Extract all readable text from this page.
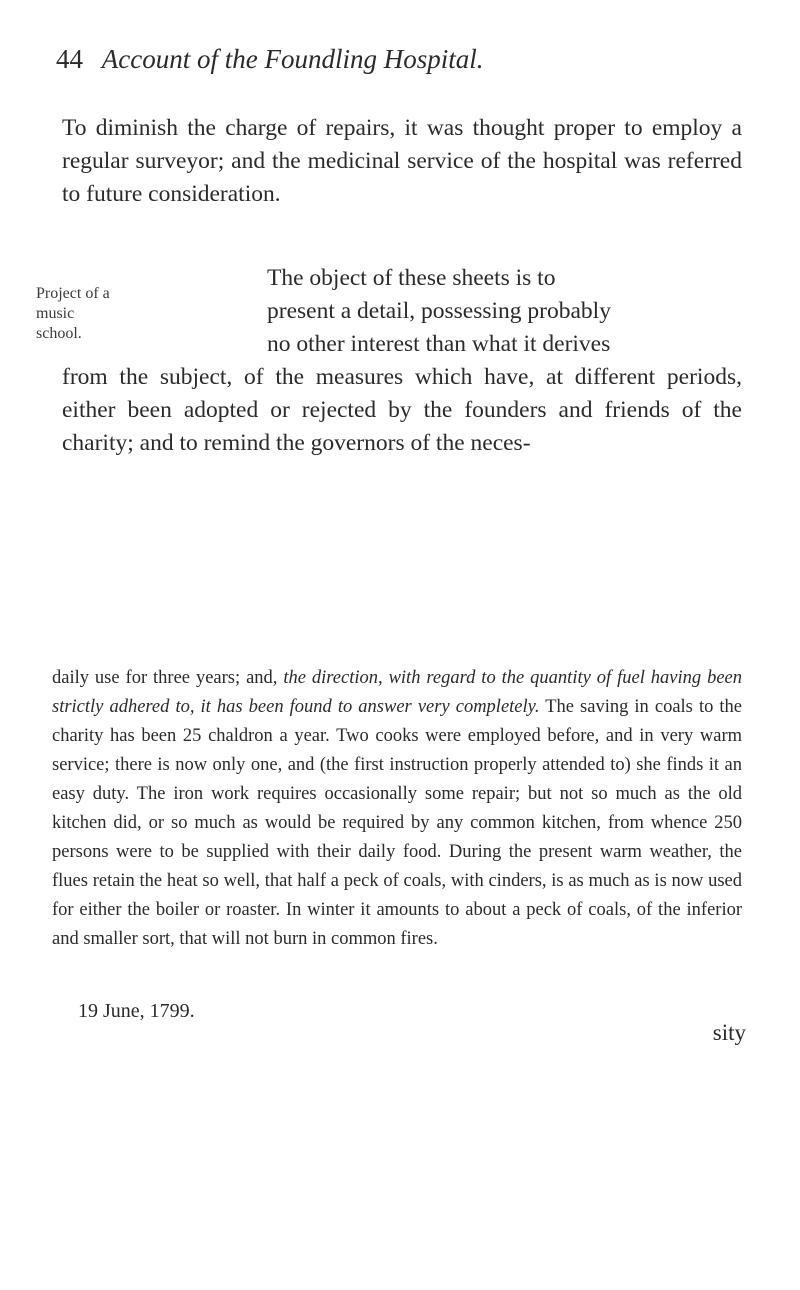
44 Account of the Foundling Hospital.

To diminish the charge of repairs, it was thought proper to employ a regular surveyor; and the medicinal service of the hospital was referred to future consideration.

Project of a music school.

The object of these sheets is to
present a detail, possessing probably
no other interest than what it derives
from the subject, of the measures which have, at different periods, either been adopted or rejected by the founders and friends of the charity; and to remind the governors of the neces-

daily use for three years; and, the direction, with regard to the quantity of fuel having been strictly adhered to, it has been found to answer very completely. The saving in coals to the charity has been 25 chaldron a year. Two cooks were employed before, and in very warm service; there is now only one, and (the first instruction properly attended to) she finds it an easy duty. The iron work requires occasionally some repair; but not so much as the old kitchen did, or so much as would be required by any common kitchen, from whence 250 persons were to be supplied with their daily food. During the present warm weather, the flues retain the heat so well, that half a peck of coals, with cinders, is as much as is now used for either the boiler or roaster. In winter it amounts to about a peck of coals, of the inferior and smaller sort, that will not burn in common fires.

19 June, 1799.
sity
